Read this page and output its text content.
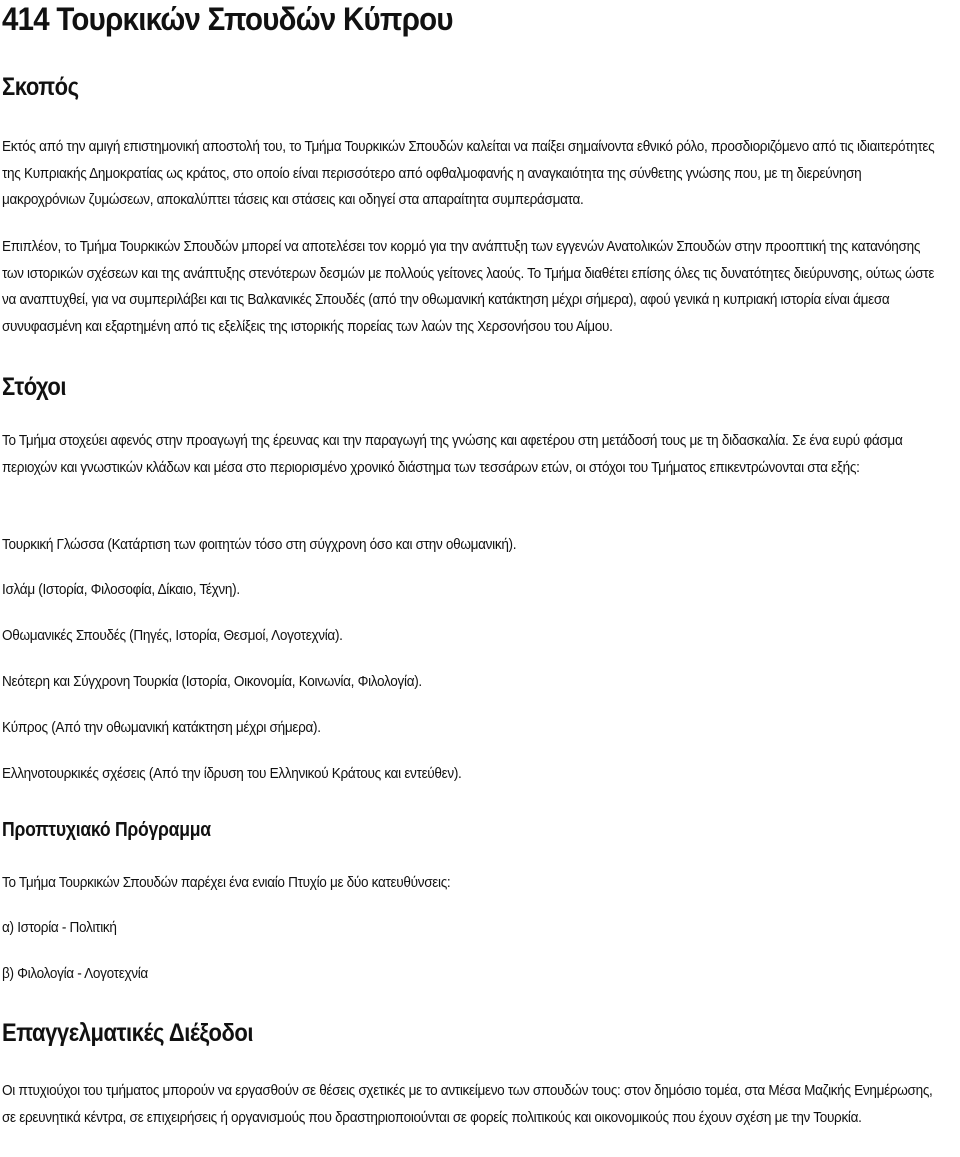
414 Τουρκικών Σπουδών Κύπρου
Σκοπός

Εκτός από την αμιγή επιστημονική αποστολή του, το Τμήμα Τουρκικών Σπουδών καλείται να παίξει σημαίνοντα εθνικό ρόλο, προσδιοριζόμενο από τις ιδιαιτερότητες της Κυπριακής Δημοκρατίας ως κράτος, στο οποίο είναι περισσότερο από οφθαλμοφανής η αναγκαιότητα της σύνθετης γνώσης που, με τη διερεύνηση μακροχρόνιων ζυμώσεων, αποκαλύπτει τάσεις και στάσεις και οδηγεί στα απαραίτητα συμπεράσματα.

Επιπλέον, το Τμήμα Τουρκικών Σπουδών μπορεί να αποτελέσει τον κορμό για την ανάπτυξη των εγγενών Ανατολικών Σπουδών στην προοπτική της κατανόησης των ιστορικών σχέσεων και της ανάπτυξης στενότερων δεσμών με πολλούς γείτονες λαούς. Το Τμήμα διαθέτει επίσης όλες τις δυνατότητες διεύρυνσης, ούτως ώστε να αναπτυχθεί, για να συμπεριλάβει και τις Βαλκανικές Σπουδές (από την οθωμανική κατάκτηση μέχρι σήμερα), αφού γενικά η κυπριακή ιστορία είναι άμεσα συνυφασμένη και εξαρτημένη από τις εξελίξεις της ιστορικής πορείας των λαών της Χερσονήσου του Αίμου.

Στόχοι

Το Τμήμα στοχεύει αφενός στην προαγωγή της έρευνας και την παραγωγή της γνώσης και αφετέρου στη μετάδοσή τους με τη διδασκαλία. Σε ένα ευρύ φάσμα περιοχών και γνωστικών κλάδων και μέσα στο περιορισμένο χρονικό διάστημα των τεσσάρων ετών, οι στόχοι του Τμήματος επικεντρώνονται στα εξής:

Τουρκική Γλώσσα (Κατάρτιση των φοιτητών τόσο στη σύγχρονη όσο και στην οθωμανική).

Ισλάμ (Ιστορία, Φιλοσοφία, Δίκαιο, Τέχνη).

Οθωμανικές Σπουδές (Πηγές, Ιστορία, Θεσμοί, Λογοτεχνία).

Νεότερη και Σύγχρονη Τουρκία (Ιστορία, Οικονομία, Κοινωνία, Φιλολογία).

Κύπρος (Από την οθωμανική κατάκτηση μέχρι σήμερα).

Ελληνοτουρκικές σχέσεις (Από την ίδρυση του Ελληνικού Κράτους και εντεύθεν).

Προπτυχιακό Πρόγραμμα

Το Τμήμα Τουρκικών Σπουδών παρέχει ένα ενιαίο Πτυχίο με δύο κατευθύνσεις:

α) Ιστορία - Πολιτική

β) Φιλολογία - Λογοτεχνία

Επαγγελματικές Διέξοδοι

Οι πτυχιούχοι του τμήματος μπορούν να εργασθούν σε θέσεις σχετικές με το αντικείμενο των σπουδών τους: στον δημόσιο τομέα, στα Μέσα Μαζικής Ενημέρωσης, σε ερευνητικά κέντρα, σε επιχειρήσεις ή οργανισμούς που δραστηριοποιούνται σε φορείς πολιτικούς και οικονομικούς που έχουν σχέση με την Τουρκία.
